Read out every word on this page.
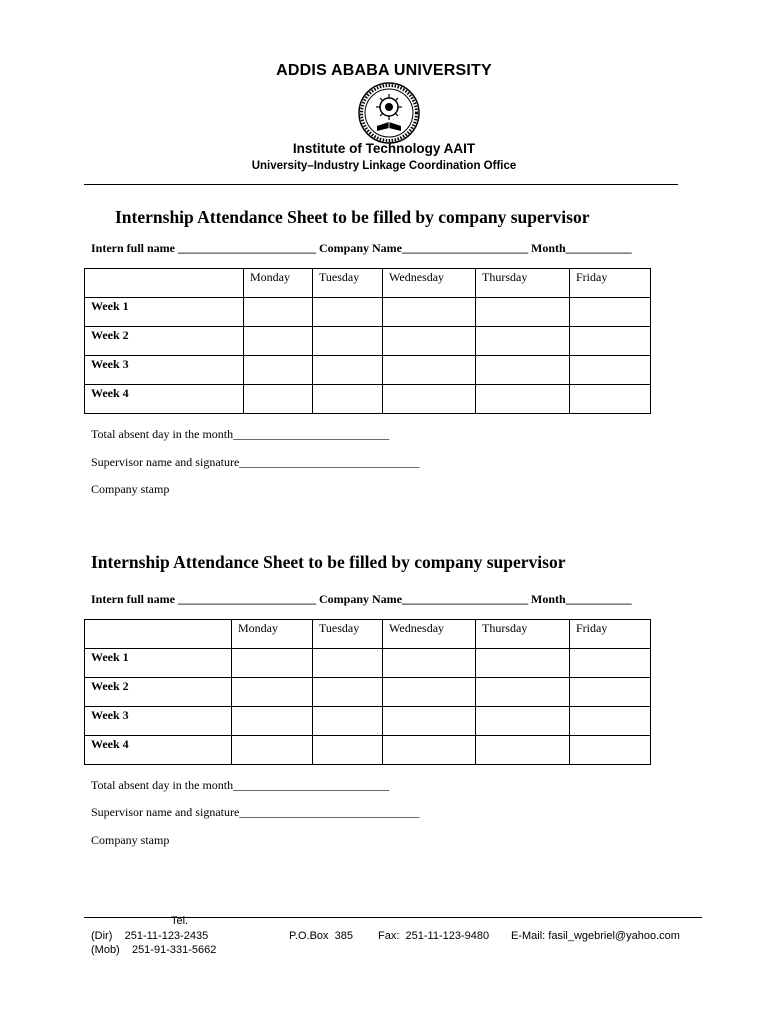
ADDIS ABABA UNIVERSITY
Institute of Technology AAIT
University–Industry Linkage Coordination Office
Internship Attendance Sheet to be filled by company supervisor
Intern full name _______________________ Company Name_____________________ Month___________
	Monday	Tuesday	Wednesday	Thursday	Friday
Week 1					
Week 2					
Week 3					
Week 4					
Total absent day in the month__________________________
Supervisor name and signature______________________________
Company stamp
Internship Attendance Sheet to be filled by company supervisor
Intern full name _______________________ Company Name_____________________ Month___________
	Monday	Tuesday	Wednesday	Thursday	Friday
Week 1					
Week 2					
Week 3					
Week 4					
Total absent day in the month__________________________
Supervisor name and signature______________________________
Company stamp
Tel.
(Dir)    251-11-123-2435
(Mob)    251-91-331-5662
P.O.Box  385 Fax:  251-11-123-9480 E-Mail: fasil_wgebriel@yahoo.com
